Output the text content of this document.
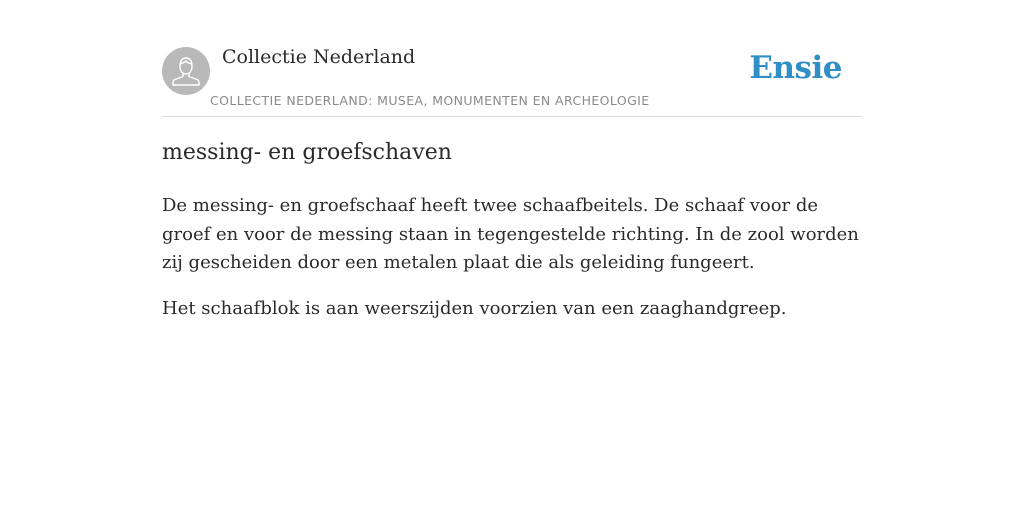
Collectie Nederland
COLLECTIE NEDERLAND: MUSEA, MONUMENTEN EN ARCHEOLOGIE
Ensie
messing- en groefschaven

De messing- en groefschaaf heeft twee schaafbeitels. De schaaf voor de groef en voor de messing staan in tegengestelde richting. In de zool worden zij gescheiden door een metalen plaat die als geleiding fungeert.

Het schaafblok is aan weerszijden voorzien van een zaaghandgreep.
